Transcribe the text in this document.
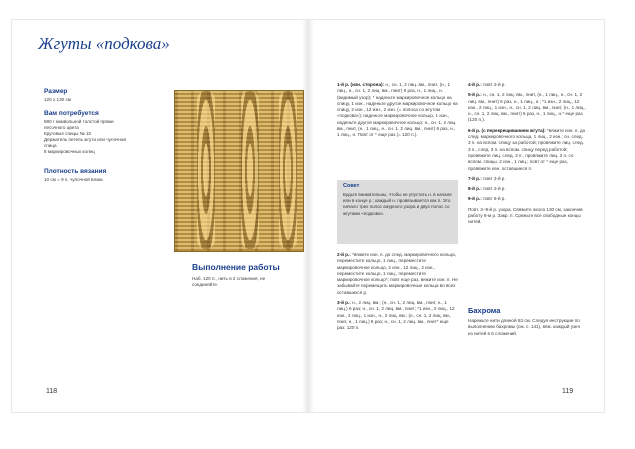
Жгуты «подкова»

Размер

120 x 130 см

Вам потребуется

680 г камвольной толстой пряжи
песочного цвета
Круговые спицы № 10
Держатель петель жгута или чулочная
спица
8 маркировочных колец

Плотность вязания

10 см = 9 п. чулочной вязки

Выполнение работы

Наб. 120 п., нить в 2 сложения, не соединяйте.

118

1-й р. (изн. сторона): н., сн. 1, 2 лиц. вм., пнит, (н., 1 лиц., н., сн. 1, 2 лиц. вм., пнит) 6 раз, н., 1 лиц., н. (видимый узор); * наденьте маркировочное кольцо на спицу, 1 изн., наденьте другое маркировочное кольцо на спицу, 2 изн., 12 изн., 2 изн. (= полоса со жгутом «подкова»); наденьте маркировочное кольцо, 1 изн., наденьте другое маркировочное кольцо; н., сн. 1, 2 лиц. вм., пнит, (н., 1 лиц., н., сн. 1, 2 лиц. вм., пнит) 6 раз, н., 1 лиц., н. Повт от * еще раз (= 120 п.).

Совет

Будьте внимательны, чтобы не упустить н. в начале или в конце р.; каждый н. провязывается как п. Это начало трех полос ажурного узора и двух полос со жгутами «подкова».

2-й р.: *вяжите изн. п. до след. маркировочного кольца, переместите кольцо, 1 лиц., переместите маркировочное кольцо, 2 изн., 12 лиц., 2 изн., переместите кольцо, 1 лиц., переместите маркировочное кольцо*; повт еще раз, вяжите изн. п. Не забывайте перемещать маркировочные кольца во всех оставшихся р.

3-й р.: н., 2 лиц. вм.; (н., сн. 1, 2 лиц. вм., пнит, н., 1 лиц.) 6 раз; н., сн. 1, 2 лиц. вм., пнит; *1 изн., 2 лиц., 12 изн., 2 лиц., 1 изн., н., 2 лиц. вм.; (н., сн. 1, 2 лиц. вм., пнит, н., 1 лиц.) 6 раз; н., сн. 1, 2 лиц. вм., пнит* еще раз: 120 п.

4-й р.: повт 2-й р.

5-й р.: н., сн. 1, 2 лиц. вм., пнит, (н., 1 лиц., н., сн. 1, 2 лиц. вм., пнит) 6 раз, н., 1 лиц., н.; *1 изн., 2 лиц., 12 изн., 2 лиц., 1 изн., н., сн. 1, 2 лиц. вм., пнит, (н., 1 лиц., н., сн. 1, 2 лиц. вм., пнит) 6 раз, н., 1 лиц., н.* еще раз (120 п.).

6-й р. (с перекрещиванием жгута): *вяжите изн. п. до след. маркировочного кольца, 1 лиц., 2 изн.; сн. след. 3 п. на вспом. спицу за работой; провяжите лиц. след. 3 п., след. 3 п. на вспом. спицу перед работой; провяжите лиц. след. 3 п., провяжите лиц. 3 п. со вспом. спицы, 2 изн., 1 лиц.; повт от * еще раз, провяжите изн. оставшиеся п.

7-й р.: повт 3-й р.

8-й р.: повт 2-й р.

9-й р.: повт 5-й р.

Повт. 2–9-й р. узора. Свяжите около 130 см, закончив работу 6-м р. Закр. п. Срежьте все свободные концы нитей.

Бахрома

Нарежьте нити длиной 63 см. Следуя инструкции по выполнению бахромы (см. с. 141), вяж. каждый узел из нитей в 6 сложений.

119
